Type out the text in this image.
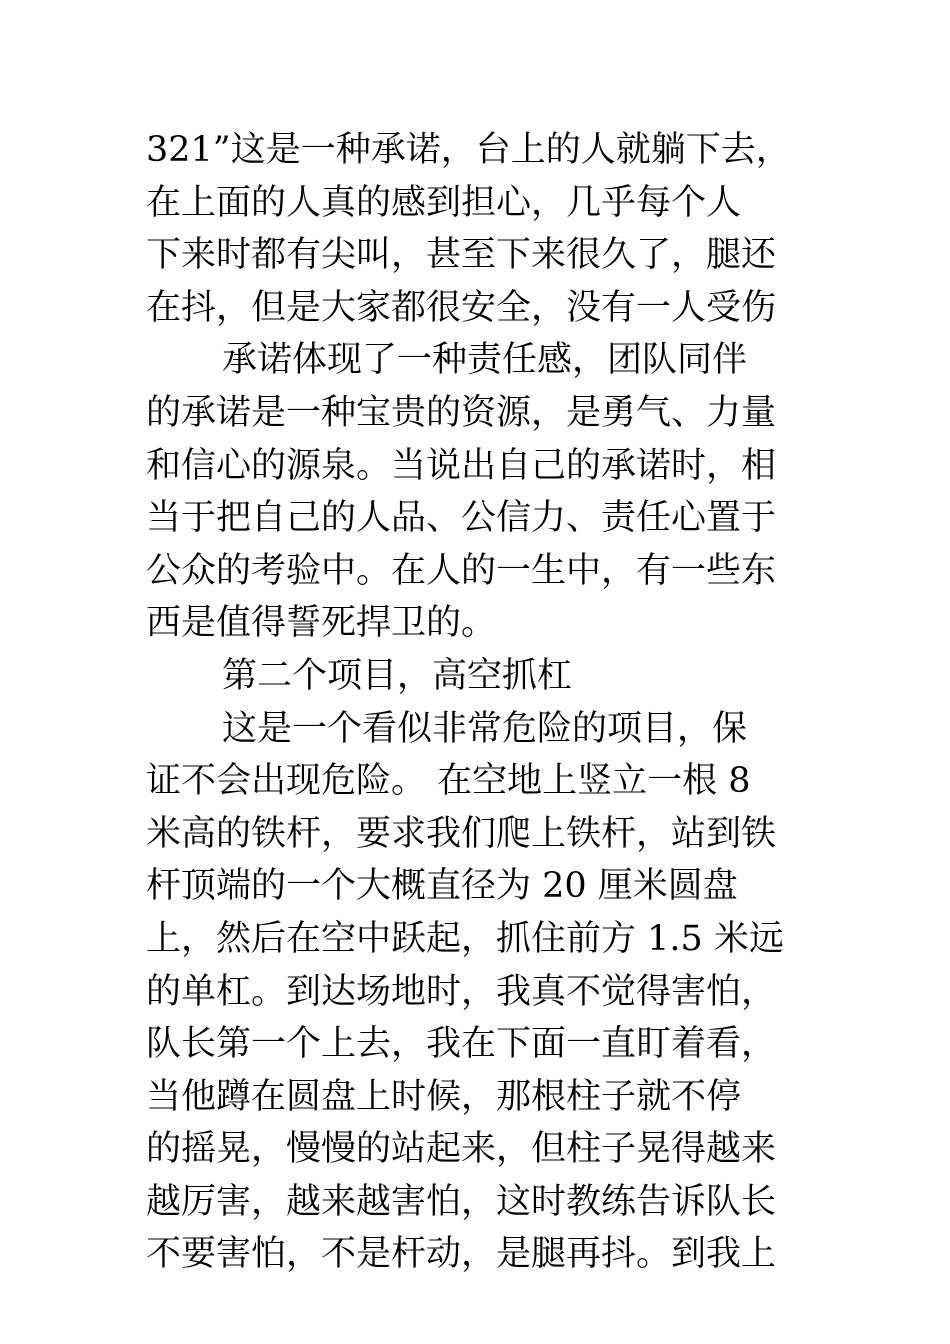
321”这是一种承诺，台上的人就躺下去，
在上面的人真的感到担心，几乎每个人
下来时都有尖叫，甚至下来很久了，腿还
在抖，但是大家都很安全，没有一人受伤
承诺体现了一种责任感，团队同伴
的承诺是一种宝贵的资源，是勇气、力量
和信心的源泉。当说出自己的承诺时，相
当于把自己的人品、公信力、责任心置于
公众的考验中。在人的一生中，有一些东
西是值得誓死捍卫的。
第二个项目，高空抓杠
这是一个看似非常危险的项目，保
证不会出现危险。 在空地上竖立一根 8
米高的铁杆，要求我们爬上铁杆，站到铁
杆顶端的一个大概直径为 20 厘米圆盘
上，然后在空中跃起，抓住前方 1.5 米远
的单杠。到达场地时，我真不觉得害怕，
队长第一个上去，我在下面一直盯着看，
当他蹲在圆盘上时候，那根柱子就不停
的摇晃，慢慢的站起来，但柱子晃得越来
越厉害，越来越害怕，这时教练告诉队长
不要害怕，不是杆动，是腿再抖。到我上
